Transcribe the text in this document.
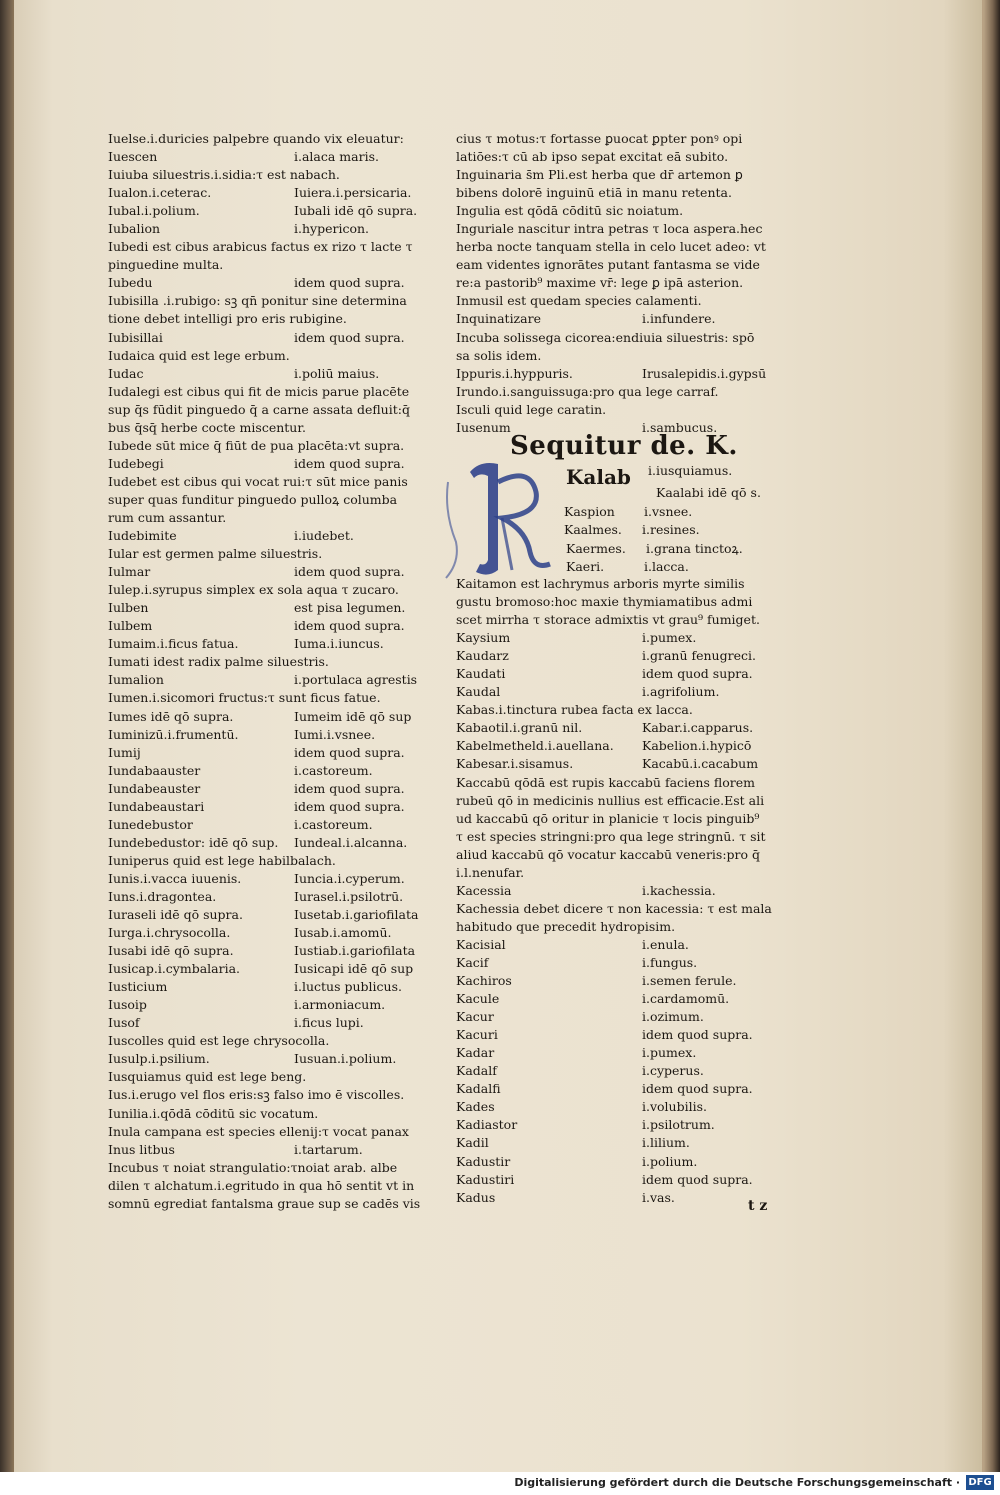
Iuelse.i.duricies palpebre quando vix eleuatur:
Iuescen	i.alaca maris.
Iuiuba siluestris.i.sidia:τ est nabach.
Iualon.i.ceterac.	Iuiera.i.persicaria.
Iubal.i.polium.	Iubali idē qō supra.
Iubalion	i.hypericon.
Iubedi est cibus arabicus factus ex rizo τ lacte τ
pinguedine multa.
Iubedu	idem quod supra.
Iubisilla .i.rubigo: sꝫ qn̄ ponitur sine determina
tione debet intelligi pro eris rubigine.
Iubisillai	idem quod supra.
Iudaica quid est lege erbum.
Iudac	i.poliū maius.
Iudalegi est cibus qui fit de micis parue placēte
sup q̄s fūdit pinguedo q̄ a carne assata defluit:q̄
bus q̄sq̄ herbe cocte miscentur.
Iubede sūt mice q̄ fiūt de pua placēta:vt supra.
Iudebegi	idem quod supra.
Iudebet est cibus qui vocat rui:τ sūt mice panis
super quas funditur pinguedo pulloꝝ columba
rum cum assantur.
Iudebimite	i.iudebet.
Iular est germen palme siluestris.
Iulmar	idem quod supra.
Iulep.i.syrupus simplex ex sola aqua τ zucaro.
Iulben	est pisa legumen.
Iulbem	idem quod supra.
Iumaim.i.ficus fatua.	Iuma.i.iuncus.
Iumati idest radix palme siluestris.
Iumalion	i.portulaca agrestis
Iumen.i.sicomori fructus:τ sunt ficus fatue.
Iumes idē qō supra.	Iumeim idē qō sup
Iuminizū.i.frumentū.	Iumi.i.vsnee.
Iumij	idem quod supra.
Iundabaauster	i.castoreum.
Iundabeauster	idem quod supra.
Iundabeaustari	idem quod supra.
Iunedebustor	i.castoreum.
Iundebedustor: idē qō sup. Iundeal.i.alcanna.
Iuniperus quid est lege habilbalach.
Iunis.i.vacca iuuenis.	Iuncia.i.cyperum.
Iuns.i.dragontea.	Iurasel.i.psilotrū.
Iuraseli idē qō supra.	Iusetab.i.gariofilata
Iurga.i.chrysocolla.	Iusab.i.amomū.
Iusabi idē qō supra.	Iustiab.i.gariofilata
Iusicap.i.cymbalaria.	Iusicapi idē qō sup
Iusticium	i.luctus publicus.
Iusoip	i.armoniacum.
Iusof	i.ficus lupi.
Iuscolles quid est lege chrysocolla.
Iusulp.i.psilium.	Iusuan.i.polium.
Iusquiamus quid est lege beng.
Ius.i.erugo vel flos eris:sꝫ falso imo ē viscolles.
Iunilia.i.qōdā cōditū sic vocatum.
Inula campana est species ellenij:τ vocat panax
Inus litbus	i.tartarum.
Incubus τ noiat strangulatio:τnoiat arab. albe
dilen τ alchatum.i.egritudo in qua hō sentit vt in
somnū egrediat fantalsma graue sup se cadēs vis
cius τ motus:τ fortasse ꝑuocat ꝑpter ponꝰ opi
latiōes:τ cū ab ipso sepat excitat eā subito.
Inguinaria s̄m Pli.est herba que dr̄ artemon ꝑ
bibens dolorē inguinū etiā in manu retenta.
Ingulia est qōdā cōditū sic noiatum.
Inguriale nascitur intra petras τ loca aspera.hec
herba nocte tanquam stella in celo lucet adeo: vt
eam videntes ignorātes putant fantasma se vide
re:a pastorib⁹ maxime vr̄: lege ꝑ ipā asterion.
Inmusil est quedam species calamenti.
Inquinatizare	i.infundere.
Incuba solissega cicorea:endiuia siluestris: spō
sa solis idem.
Ippuris.i.hyppuris.	Irusalepidis.i.gypsū
Irundo.i.sanguissuga:pro qua lege carraf.
Isculi quid lege caratin.
Iusenum	i.sambucus.
Sequitur de. K.
Kalab i.iusquiamus.
Kaalabi idē qō s.
Kaspion i.vsnee.
Kaalmes. i.resines.
Kaermes. i.grana tinctoꝝ.
Kaeri.	i.lacca.
Kaitamon est lachrymus arboris myrte similis
gustu bromoso:hoc maxie thymiamatibus admi
scet mirrha τ storace admixtis vt grau⁹ fumiget.
Kaysium	i.pumex.
Kaudarz	i.granū fenugreci.
Kaudati	idem quod supra.
Kaudal	i.agrifolium.
Kabas.i.tinctura rubea facta ex lacca.
Kabaotil.i.granū nil.	Kabar.i.capparus.
Kabelmetheld.i.auellana. Kabelion.i.hypicō
Kabesar.i.sisamus.	Kacabū.i.cacabum
Kaccabū qōdā est rupis kaccabū faciens florem
rubeū qō in medicinis nullius est efficacie.Est ali
ud kaccabū qō oritur in planicie τ locis pinguib⁹
τ est species stringni:pro qua lege stringnū. τ sit
aliud kaccabū qō vocatur kaccabū veneris:pro q̄
i.l.nenufar.
Kacessia	i.kachessia.
Kachessia debet dicere τ non kacessia: τ est mala
habitudo que precedit hydropisim.
Kacisial	i.enula.
Kacif	i.fungus.
Kachiros	i.semen ferule.
Kacule	i.cardamomū.
Kacur	i.ozimum.
Kacuri	idem quod supra.
Kadar	i.pumex.
Kadalf	i.cyperus.
Kadalfi	idem quod supra.
Kades	i.volubilis.
Kadiastor	i.psilotrum.
Kadil	i.lilium.
Kadustir	i.polium.
Kadustiri	idem quod supra.
Kadus	i.vas.
t z
Digitalisierung gefördert durch die Deutsche Forschungsgemeinschaft · DFG
